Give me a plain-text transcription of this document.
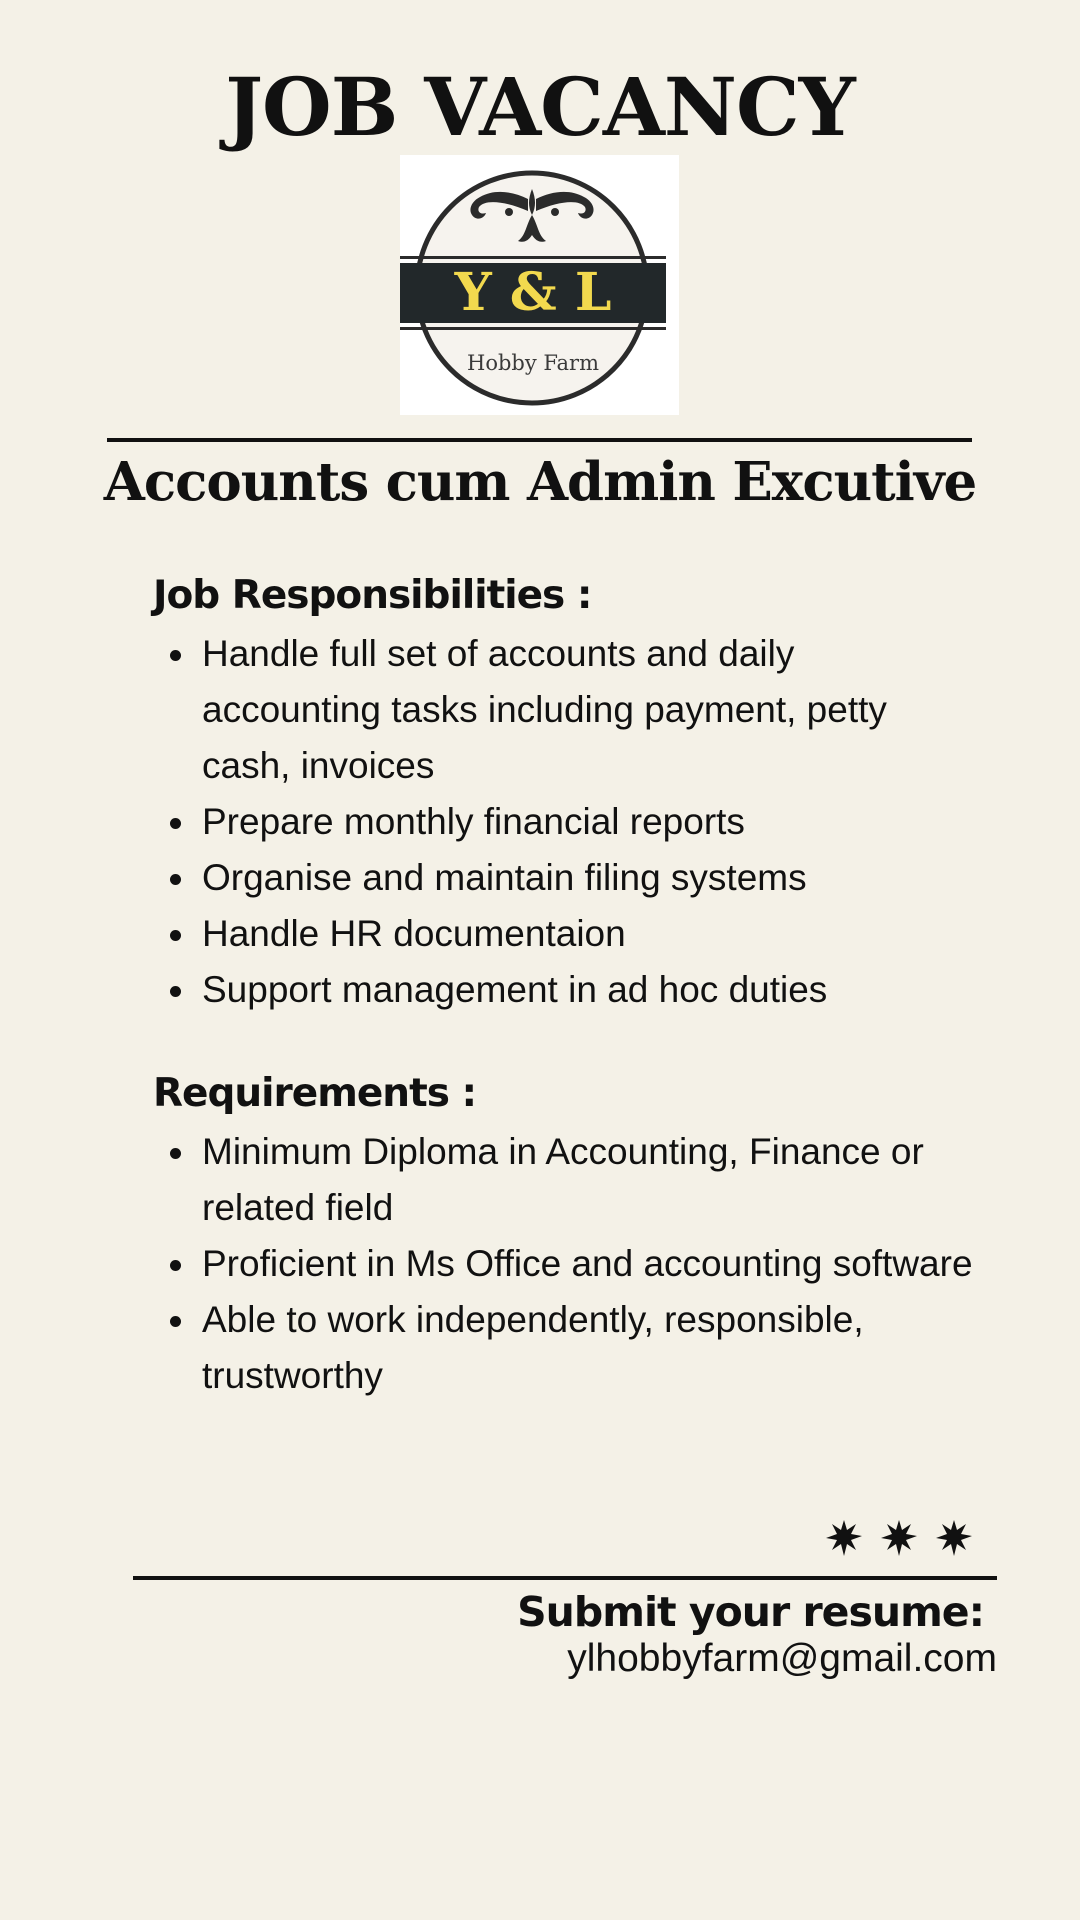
JOB VACANCY
Y & L
Hobby Farm
Accounts cum Admin Excutive
Job Responsibilities :
Handle full set of accounts and daily accounting tasks including payment, petty cash, invoices
Prepare monthly financial reports
Organise and maintain filing systems
Handle HR documentaion
Support management in ad hoc duties
Requirements :
Minimum Diploma in Accounting, Finance or related field
Proficient in Ms Office and accounting software
Able to work independently, responsible, trustworthy
Submit your resume:
ylhobbyfarm@gmail.com
